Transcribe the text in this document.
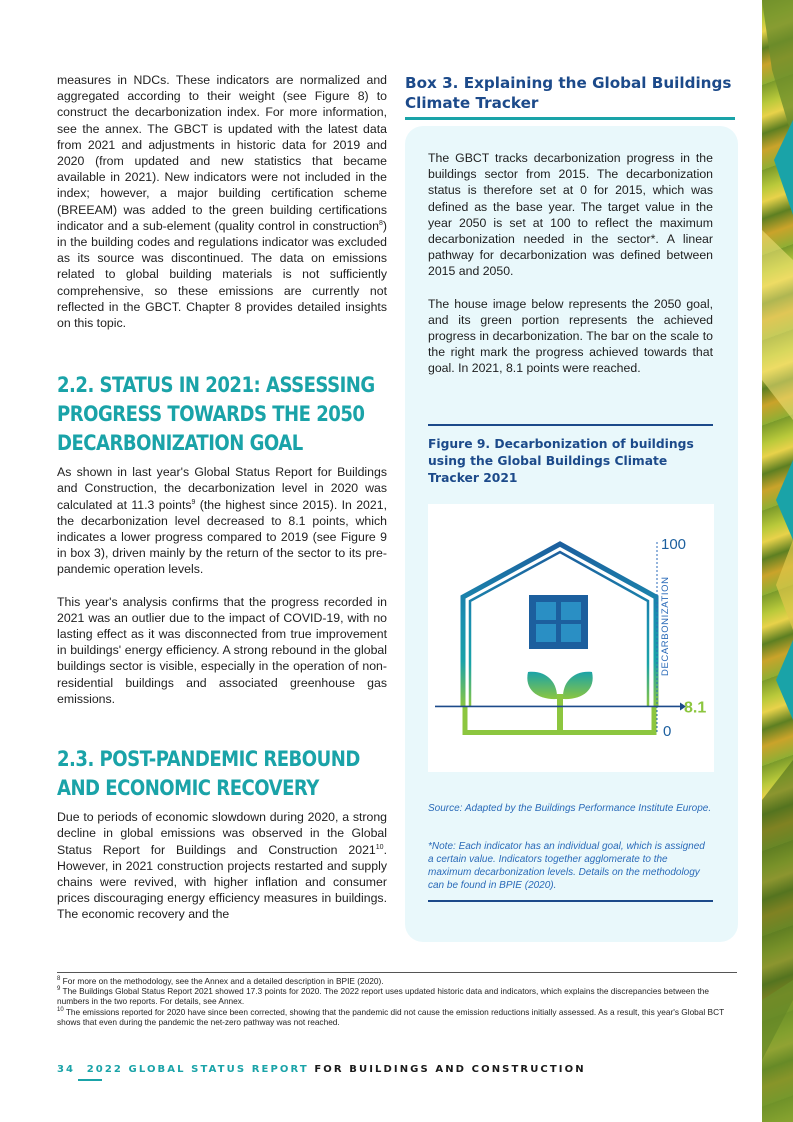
measures in NDCs. These indicators are normalized and aggregated according to their weight (see Figure 8) to construct the decarbonization index. For more information, see the annex. The GBCT is updated with the latest data from 2021 and adjustments in historic data for 2019 and 2020 (from updated and new statistics that became available in 2021). New indicators were not included in the index; however, a major building certification scheme (BREEAM) was added to the green building certifications indicator and a sub-element (quality control in construction$^8$) in the building codes and regulations indicator was excluded as its source was discontinued. The data on emissions related to global building materials is not sufficiently comprehensive, so these emissions are currently not reflected in the GBCT. Chapter 8 provides detailed insights on this topic.

2.2. STATUS IN 2021: ASSESSING PROGRESS TOWARDS THE 2050 DECARBONIZATION GOAL

As shown in last year's Global Status Report for Buildings and Construction, the decarbonization level in 2020 was calculated at 11.3 points$^9$ (the highest since 2015). In 2021, the decarbonization level decreased to 8.1 points, which indicates a lower progress compared to 2019 (see Figure 9 in box 3), driven mainly by the return of the sector to its pre-pandemic operation levels.

This year's analysis confirms that the progress recorded in 2021 was an outlier due to the impact of COVID-19, with no lasting effect as it was disconnected from true improvement in buildings' energy efficiency. A strong rebound in the global buildings sector is visible, especially in the operation of non-residential buildings and associated greenhouse gas emissions.

2.3. POST-PANDEMIC REBOUND AND ECONOMIC RECOVERY

Due to periods of economic slowdown during 2020, a strong decline in global emissions was observed in the Global Status Report for Buildings and Construction 2021$^{10}$. However, in 2021 construction projects restarted and supply chains were revived, with higher inflation and consumer prices discouraging energy efficiency measures in buildings. The economic recovery and the

Box 3. Explaining the Global Buildings Climate Tracker

The GBCT tracks decarbonization progress in the buildings sector from 2015. The decarbonization status is therefore set at 0 for 2015, which was defined as the base year. The target value in the year 2050 is set at 100 to reflect the maximum decarbonization needed in the sector*. A linear pathway for decarbonization was defined between 2015 and 2050.

The house image below represents the 2050 goal, and its green portion represents the achieved progress in decarbonization. The bar on the scale to the right mark the progress achieved towards that goal. In 2021, 8.1 points were reached.

Figure 9. Decarbonization of buildings using the Global Buildings Climate Tracker 2021
100
0
DECARBONIZATION
8.1

Source: Adapted by the Buildings Performance Institute Europe.

*Note: Each indicator has an individual goal, which is assigned a certain value. Indicators together agglomerate to the maximum decarbonization levels. Details on the methodology can be found in BPIE (2020).

$^8$ For more on the methodology, see the Annex and a detailed description in BPIE (2020).

$^9$ The Buildings Global Status Report 2021 showed 17.3 points for 2020. The 2022 report uses updated historic data and indicators, which explains the discrepancies between the numbers in the two reports. For details, see Annex.

$^{10}$ The emissions reported for 2020 have since been corrected, showing that the pandemic did not cause the emission reductions initially assessed. As a result, this year's Global BCT shows that even during the pandemic the net-zero pathway was not reached.

34 2022 GLOBAL STATUS REPORT FOR BUILDINGS AND CONSTRUCTION
